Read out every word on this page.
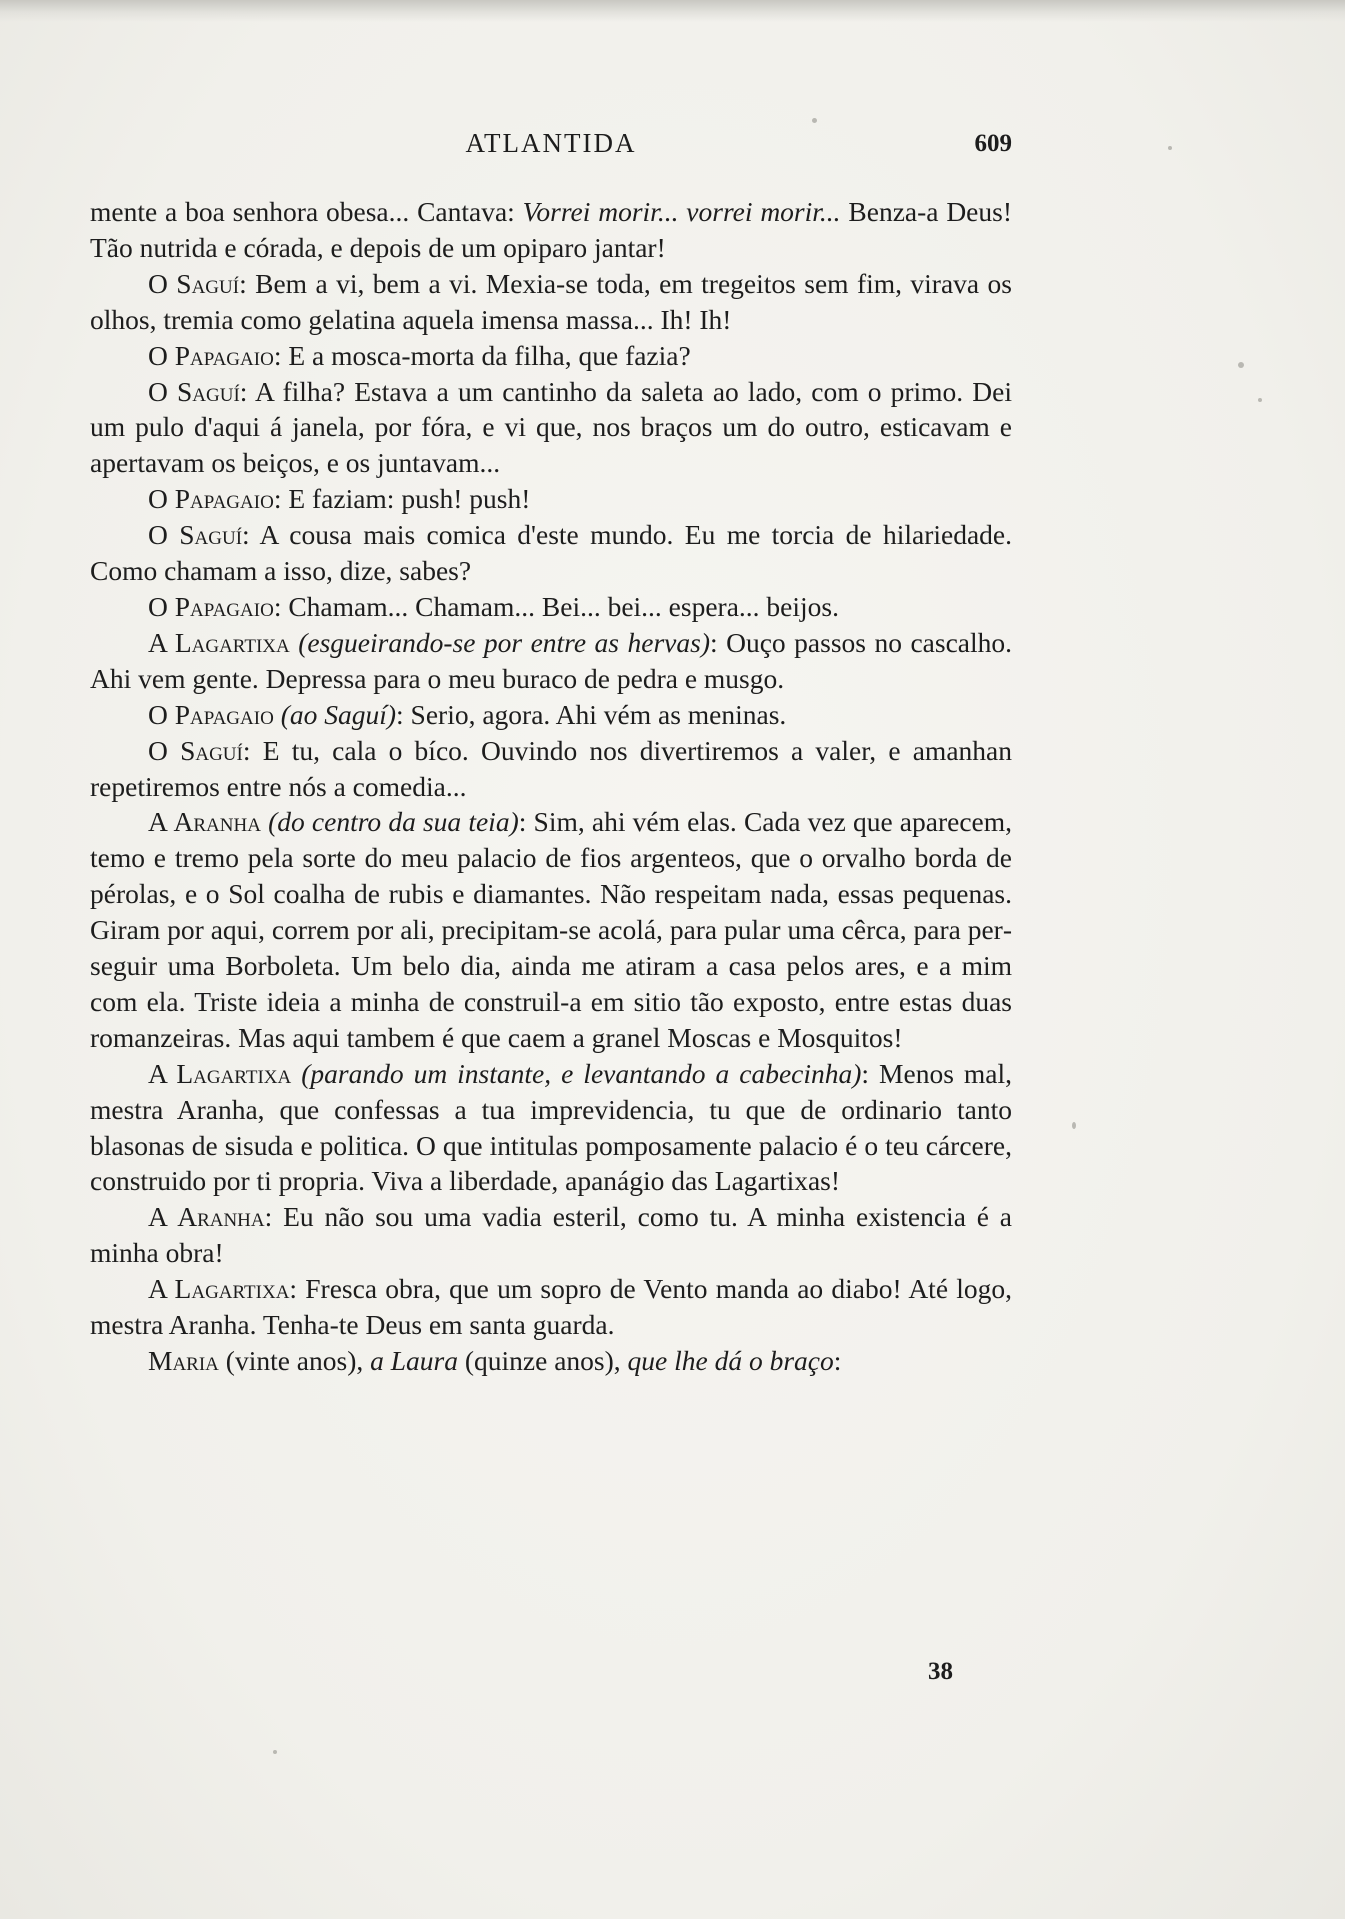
ATLANTIDA	609

mente a boa senhora obesa... Cantava: Vorrei morir... vorrei morir... Benza-a Deus! Tão nutrida e córada, e depois de um opiparo jantar!

O Saguí: Bem a vi, bem a vi. Mexia-se toda, em tregeitos sem fim, virava os olhos, tremia como gelatina aquela imensa massa... Ih! Ih!

O Papagaio: E a mosca-morta da filha, que fazia?

O Saguí: A filha? Estava a um cantinho da saleta ao lado, com o primo. Dei um pulo d'aqui á janela, por fóra, e vi que, nos braços um do outro, esticavam e apertavam os beiços, e os juntavam...

O Papagaio: E faziam: push! push!

O Saguí: A cousa mais comica d'este mundo. Eu me torcia de hilariedade. Como chamam a isso, dize, sabes?

O Papagaio: Chamam... Chamam... Bei... bei... espera... beijos.

A Lagartixa (esgueirando-se por entre as hervas): Ouço passos no cascalho. Ahi vem gente. Depressa para o meu buraco de pedra e musgo.

O Papagaio (ao Saguí): Serio, agora. Ahi vém as meninas.

O Saguí: E tu, cala o bíco. Ouvindo nos divertiremos a valer, e amanhan repetiremos entre nós a comedia...

A Aranha (do centro da sua teia): Sim, ahi vém elas. Cada vez que aparecem, temo e tremo pela sorte do meu palacio de fios argenteos, que o orvalho borda de pérolas, e o Sol coalha de rubis e diamantes. Não respeitam nada, essas pequenas. Giram por aqui, correm por ali, precipitam-se acolá, para pular uma cêrca, para perseguir uma Borboleta. Um belo dia, ainda me atiram a casa pelos ares, e a mim com ela. Triste ideia a minha de construil-a em sitio tão exposto, entre estas duas romanzeiras. Mas aqui tambem é que caem a granel Moscas e Mosquitos!

A Lagartixa (parando um instante, e levantando a cabecinha): Menos mal, mestra Aranha, que confessas a tua imprevidencia, tu que de ordinario tanto blasonas de sisuda e politica. O que intitulas pomposamente palacio é o teu cárcere, construido por ti propria. Viva a liberdade, apanágio das Lagartixas!

A Aranha: Eu não sou uma vadia esteril, como tu. A minha existencia é a minha obra!

A Lagartixa: Fresca obra, que um sopro de Vento manda ao diabo! Até logo, mestra Aranha. Tenha-te Deus em santa guarda.

Maria (vinte anos), a Laura (quinze anos), que lhe dá o braço:

38
